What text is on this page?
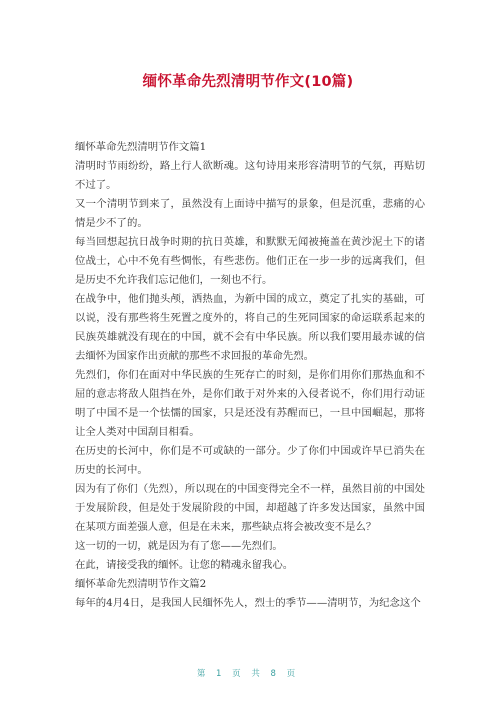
缅怀革命先烈清明节作文(10篇)

缅怀革命先烈清明节作文篇1

清明时节雨纷纷，路上行人欲断魂。这句诗用来形容清明节的气氛，再贴切不过了。

又一个清明节到来了，虽然没有上面诗中描写的景象，但是沉重，悲痛的心情是少不了的。

每当回想起抗日战争时期的抗日英雄，和默默无闻被掩盖在黄沙泥土下的诸位战士，心中不免有些惆怅，有些悲伤。他们正在一步一步的远离我们，但是历史不允许我们忘记他们，一刻也不行。

在战争中，他们抛头颅，洒热血，为新中国的成立，奠定了扎实的基础，可以说，没有那些将生死置之度外的，将自己的生死同国家的命运联系起来的民族英雄就没有现在的中国，就不会有中华民族。所以我们要用最赤诚的信去缅怀为国家作出贡献的那些不求回报的革命先烈。

先烈们，你们在面对中华民族的生死存亡的时刻，是你们用你们那热血和不屈的意志将敌人阻挡在外，是你们敢于对外来的入侵者说不，你们用行动证明了中国不是一个怯懦的国家，只是还没有苏醒而已，一旦中国崛起，那将让全人类对中国刮目相看。

在历史的长河中，你们是不可或缺的一部分。少了你们中国或许早已消失在历史的长河中。

因为有了你们（先烈），所以现在的中国变得完全不一样，虽然目前的中国处于发展阶段，但是处于发展阶段的中国，却超越了许多发达国家，虽然中国在某项方面差强人意，但是在未来，那些缺点将会被改变不是么？

这一切的一切，就是因为有了您——先烈们。

在此，请接受我的缅怀。让您的精魂永留我心。

缅怀革命先烈清明节作文篇2

每年的4月4日，是我国人民缅怀先人，烈士的季节——清明节，为纪念这个

第 1 页 共 8 页
